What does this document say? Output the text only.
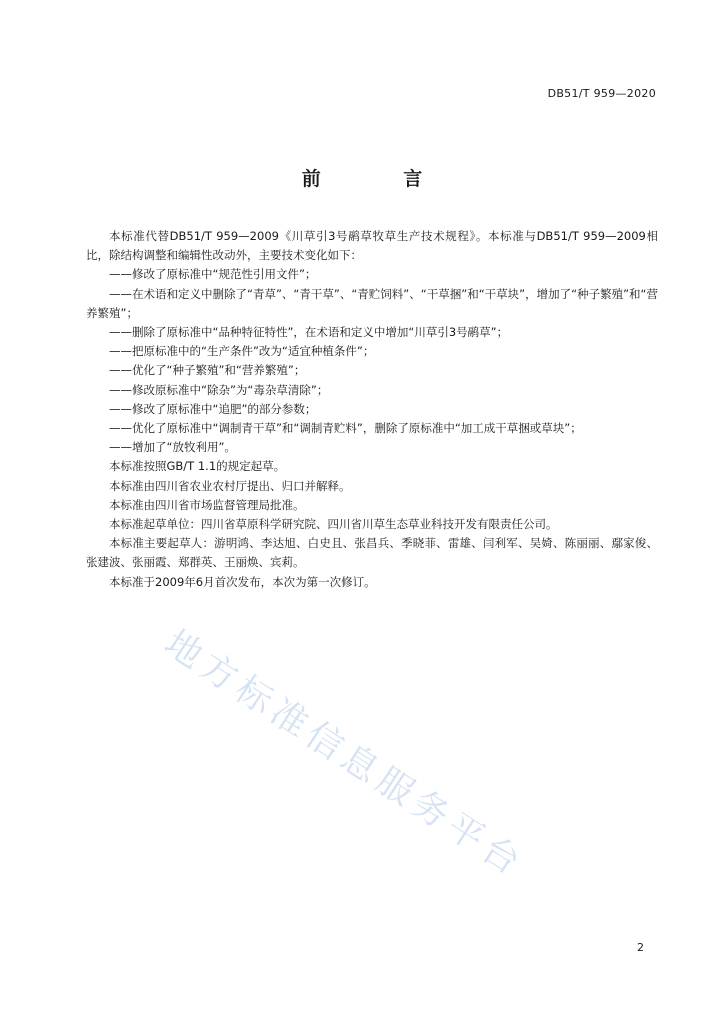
DB51/T 959—2020
前 言

本标准代替DB51/T 959—2009《川草引3号鹝草牧草生产技术规程》。本标准与DB51/T 959—2009相比，除结构调整和编辑性改动外，主要技术变化如下：

——修改了原标准中“规范性引用文件”；

——在术语和定义中删除了“青草”、“青干草”、“青贮饲料”、“干草捆”和“干草块”，增加了“种子繁殖”和“营养繁殖”；

——删除了原标准中“品种特征特性”，在术语和定义中增加“川草引3号鹝草”；

——把原标准中的“生产条件”改为“适宜种植条件”；

——优化了“种子繁殖”和“营养繁殖”；

——修改原标准中“除杂”为“毒杂草清除”；

——修改了原标准中“追肥”的部分参数；

——优化了原标准中“调制青干草”和“调制青贮料”，删除了原标准中“加工成干草捆或草块”；

——增加了“放牧利用”。

本标准按照GB/T 1.1的规定起草。

本标准由四川省农业农村厅提出、归口并解释。

本标准由四川省市场监督管理局批准。

本标准起草单位：四川省草原科学研究院、四川省川草生态草业科技开发有限责任公司。

本标准主要起草人：游明鸿、李达旭、白史且、张昌兵、季晓菲、雷雄、闫利军、吴婍、陈丽丽、鄢家俊、张建波、张丽霞、郑群英、王丽焕、宾莉。

本标准于2009年6月首次发布，本次为第一次修订。

地方标准信息服务平台
2
